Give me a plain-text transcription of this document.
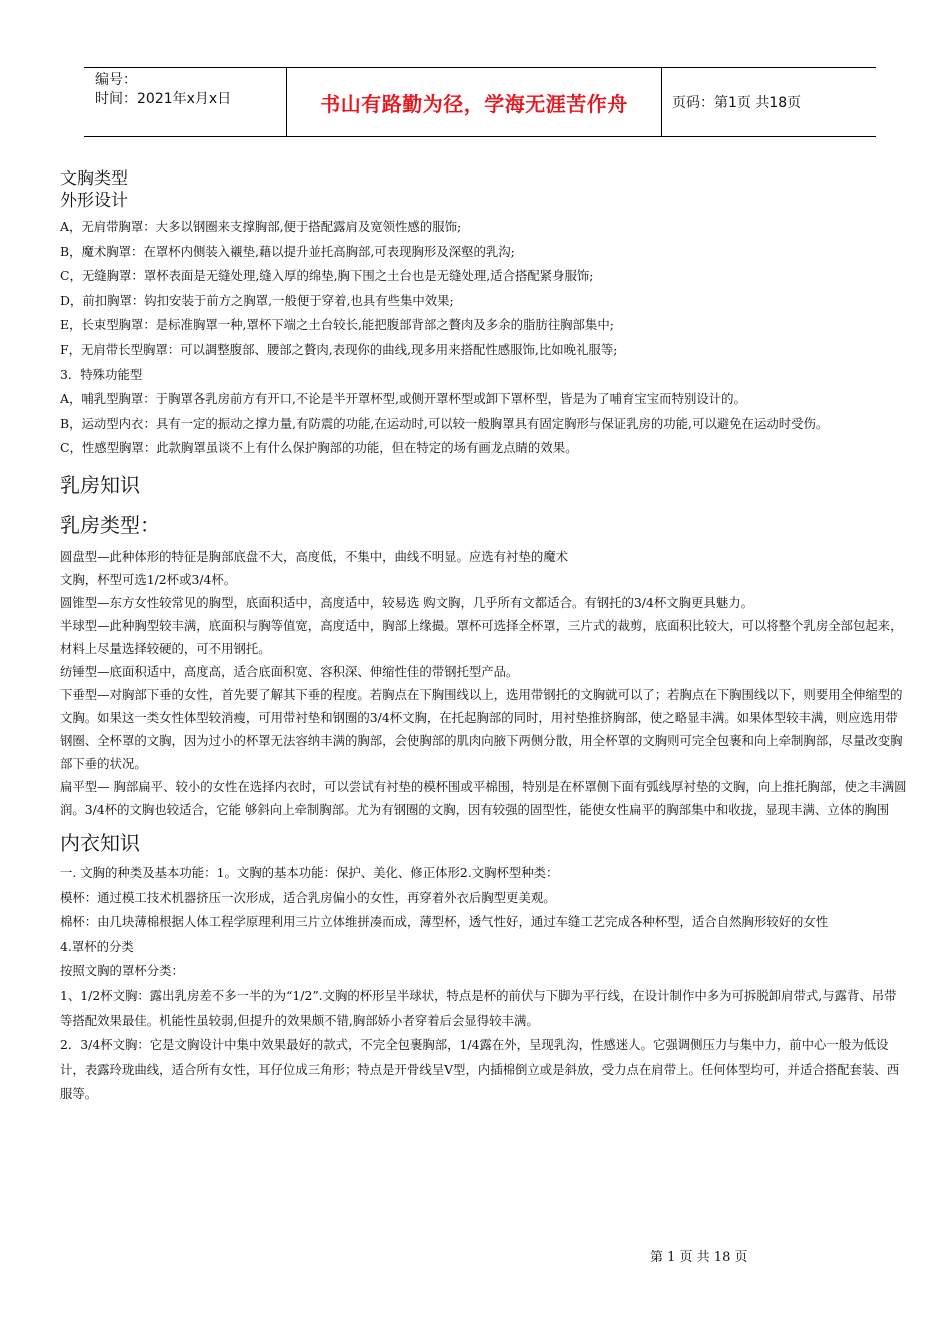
编号：
时间：2021年x月x日	书山有路勤为径，学海无涯苦作舟	页码：第1页 共18页
文胸类型
外形设计

A，无肩带胸罩：大多以钢圈来支撑胸部,便于搭配露肩及宽领性感的服饰;

B，魔术胸罩：在罩杯内侧装入襯垫,藉以提升並托高胸部,可表现胸形及深壑的乳沟;

C，无缝胸罩：罩杯表面是无缝处理,缝入厚的绵垫,胸下围之土台也是无缝处理,适合搭配紧身服饰;

D，前扣胸罩：钩扣安装于前方之胸罩,一般便于穿着,也具有些集中效果;

E，长束型胸罩：是标准胸罩一种,罩杯下端之土台较长,能把腹部背部之贅肉及多余的脂肪往胸部集中;

F，无肩带长型胸罩：可以調整腹部、腰部之贅肉,表现你的曲线,现多用来搭配性感服饰,比如晚礼服等;

3．特殊功能型

A，哺乳型胸罩：于胸罩各乳房前方有开口,不论是半开罩杯型,或侧开罩杯型或卸下罩杯型，皆是为了哺育宝宝而特别设计的。

B，运动型内衣：具有一定的振动之撑力量,有防震的功能,在运动时,可以较一般胸罩具有固定胸形与保证乳房的功能,可以避免在运动时受伤。

C，性感型胸罩：此款胸罩虽谈不上有什么保护胸部的功能，但在特定的场有画龙点睛的效果。

乳房知识
乳房类型：

圆盘型—此种体形的特征是胸部底盘不大，高度低，不集中，曲线不明显。应选有衬垫的魔术

文胸，杯型可选1/2杯或3/4杯。

圆锥型—东方女性较常见的胸型，底面积适中，高度适中，较易选 购文胸，几乎所有文都适合。有钢托的3/4杯文胸更具魅力。

半球型—此种胸型较丰满，底面积与胸等值宽，高度适中，胸部上缘撮。罩杯可选择全杯罩，三片式的裁剪，底面积比较大，可以将整个乳房全部包起来，材料上尽量选择较硬的，可不用钢托。

纺锤型—底面积适中，高度高，适合底面积宽、容积深、伸缩性佳的带钢托型产品。

下垂型—对胸部下垂的女性，首先要了解其下垂的程度。若胸点在下胸围线以上，选用带钢托的文胸就可以了；若胸点在下胸围线以下，则要用全伸缩型的文胸。如果这一类女性体型较消瘦，可用带衬垫和钢圈的3/4杯文胸，在托起胸部的同时，用衬垫推挤胸部，使之略显丰满。如果体型较丰满，则应选用带钢圈、全杯罩的文胸，因为过小的杯罩无法容纳丰满的胸部，会使胸部的肌肉向腋下两侧分散，用全杯罩的文胸则可完全包裹和向上牵制胸部，尽量改变胸部下垂的状况。

扁平型— 胸部扁平、较小的女性在选择内衣时，可以尝试有衬垫的模杯围或平棉围，特别是在杯罩侧下面有弧线厚衬垫的文胸，向上推托胸部，使之丰满圆润。3/4杯的文胸也较适合，它能 够斜向上牵制胸部。尤为有钢圈的文胸，因有较强的固型性，能使女性扁平的胸部集中和收拢，显现丰满、立体的胸围

内衣知识

一. 文胸的种类及基本功能：1。文胸的基本功能：保护、美化、修正体形2.文胸杯型种类：

模杯：通过模工技术机器挤压一次形成，适合乳房偏小的女性，再穿着外衣后胸型更美观。

棉杯：由几块薄棉根据人体工程学原理利用三片立体维拼凑而成，薄型杯，透气性好，通过车缝工艺完成各种杯型，适合自然胸形较好的女性

4.罩杯的分类

按照文胸的罩杯分类：

1、1/2杯文胸：露出乳房差不多一半的为“1/2”.文胸的杯形呈半球状，特点是杯的前伏与下脚为平行线，在设计制作中多为可拆脱卸肩带式,与露背、吊带等搭配效果最佳。机能性虽较弱,但提升的效果颇不错,胸部娇小者穿着后会显得较丰满。

2．3/4杯文胸：它是文胸设计中集中效果最好的款式，不完全包裹胸部，1/4露在外，呈现乳沟，性感迷人。它强调侧压力与集中力，前中心一般为低设计，表露玲珑曲线，适合所有女性，耳仔位成三角形；特点是开骨线呈V型，内插棉倒立或是斜放，受力点在肩带上。任何体型均可，并适合搭配套装、西服等。

第 1 页 共 18 页
